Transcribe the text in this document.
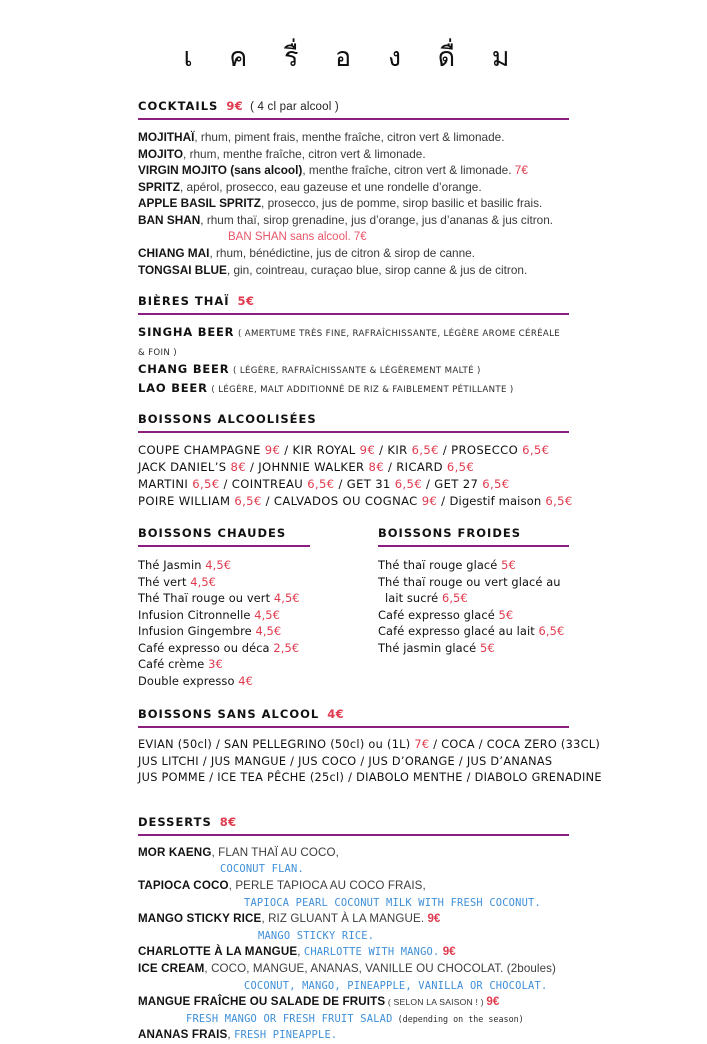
เ ค รื่ อ ง ดื่ ม
COCKTAILS 9€ ( 4 cl par alcool )
MOJITHAÏ, rhum, piment frais, menthe fraîche, citron vert & limonade.
MOJITO, rhum, menthe fraîche, citron vert & limonade.
VIRGIN MOJITO (sans alcool), menthe fraîche, citron vert & limonade. 7€
SPRITZ, apérol, prosecco, eau gazeuse et une rondelle d’orange.
APPLE BASIL SPRITZ, prosecco, jus de pomme, sirop basilic et basilic frais.
BAN SHAN, rhum thaï, sirop grenadine, jus d’orange, jus d’ananas & jus citron.
BAN SHAN sans alcool. 7€
CHIANG MAI, rhum, bénédictine, jus de citron & sirop de canne.
TONGSAI BLUE, gin, cointreau, curaçao blue, sirop canne & jus de citron.
BIÈRES THAÏ 5€
SINGHA BEER ( AMERTUME TRÈS FINE, RAFRAÎCHISSANTE, LÉGÈRE AROME CÉRÉALE & FOIN )
CHANG BEER ( LÉGÈRE, RAFRAÎCHISSANTE & LÉGÈREMENT MALTÉ )
LAO BEER ( LÉGÈRE, MALT ADDITIONNÉ DE RIZ & FAIBLEMENT PÉTILLANTE )
BOISSONS ALCOOLISÉES
COUPE CHAMPAGNE 9€ / KIR ROYAL 9€ / KIR 6,5€ / PROSECCO 6,5€
JACK DANIEL’S 8€ / JOHNNIE WALKER 8€ / RICARD 6,5€
MARTINI 6,5€ / COINTREAU 6,5€ / GET 31 6,5€ / GET 27 6,5€
POIRE WILLIAM 6,5€ / CALVADOS OU COGNAC 9€ / Digestif maison 6,5€
BOISSONS CHAUDES
Thé Jasmin 4,5€
Thé vert 4,5€
Thé Thaï rouge ou vert 4,5€
Infusion Citronnelle 4,5€
Infusion Gingembre 4,5€
Café expresso ou déca 2,5€
Café crème 3€
Double expresso 4€
BOISSONS FROIDES
Thé thaï rouge glacé 5€
Thé thaï rouge ou vert glacé au
lait sucré 6,5€
Café expresso glacé 5€
Café expresso glacé au lait 6,5€
Thé jasmin glacé 5€
BOISSONS SANS ALCOOL 4€
EVIAN (50cl) / SAN PELLEGRINO (50cl) ou (1L) 7€ / COCA / COCA ZERO (33CL)
JUS LITCHI / JUS MANGUE / JUS COCO / JUS D’ORANGE / JUS D’ANANAS
JUS POMME / ICE TEA PÊCHE (25cl) / DIABOLO MENTHE / DIABOLO GRENADINE
DESSERTS 8€
MOR KAENG, FLAN THAÏ AU COCO,
COCONUT FLAN.
TAPIOCA COCO, PERLE TAPIOCA AU COCO FRAIS,
TAPIOCA PEARL COCONUT MILK WITH FRESH COCONUT.
MANGO STICKY RICE, RIZ GLUANT À LA MANGUE. 9€
MANGO STICKY RICE.
CHARLOTTE À LA MANGUE, CHARLOTTE WITH MANGO. 9€
ICE CREAM, COCO, MANGUE, ANANAS, VANILLE OU CHOCOLAT. (2boules)
COCONUT, MANGO, PINEAPPLE, VANILLA OR CHOCOLAT.
MANGUE FRAÎCHE OU SALADE DE FRUITS ( SELON LA SAISON ! ) 9€
FRESH MANGO OR FRESH FRUIT SALAD (depending on the season)
ANANAS FRAIS, FRESH PINEAPPLE.
